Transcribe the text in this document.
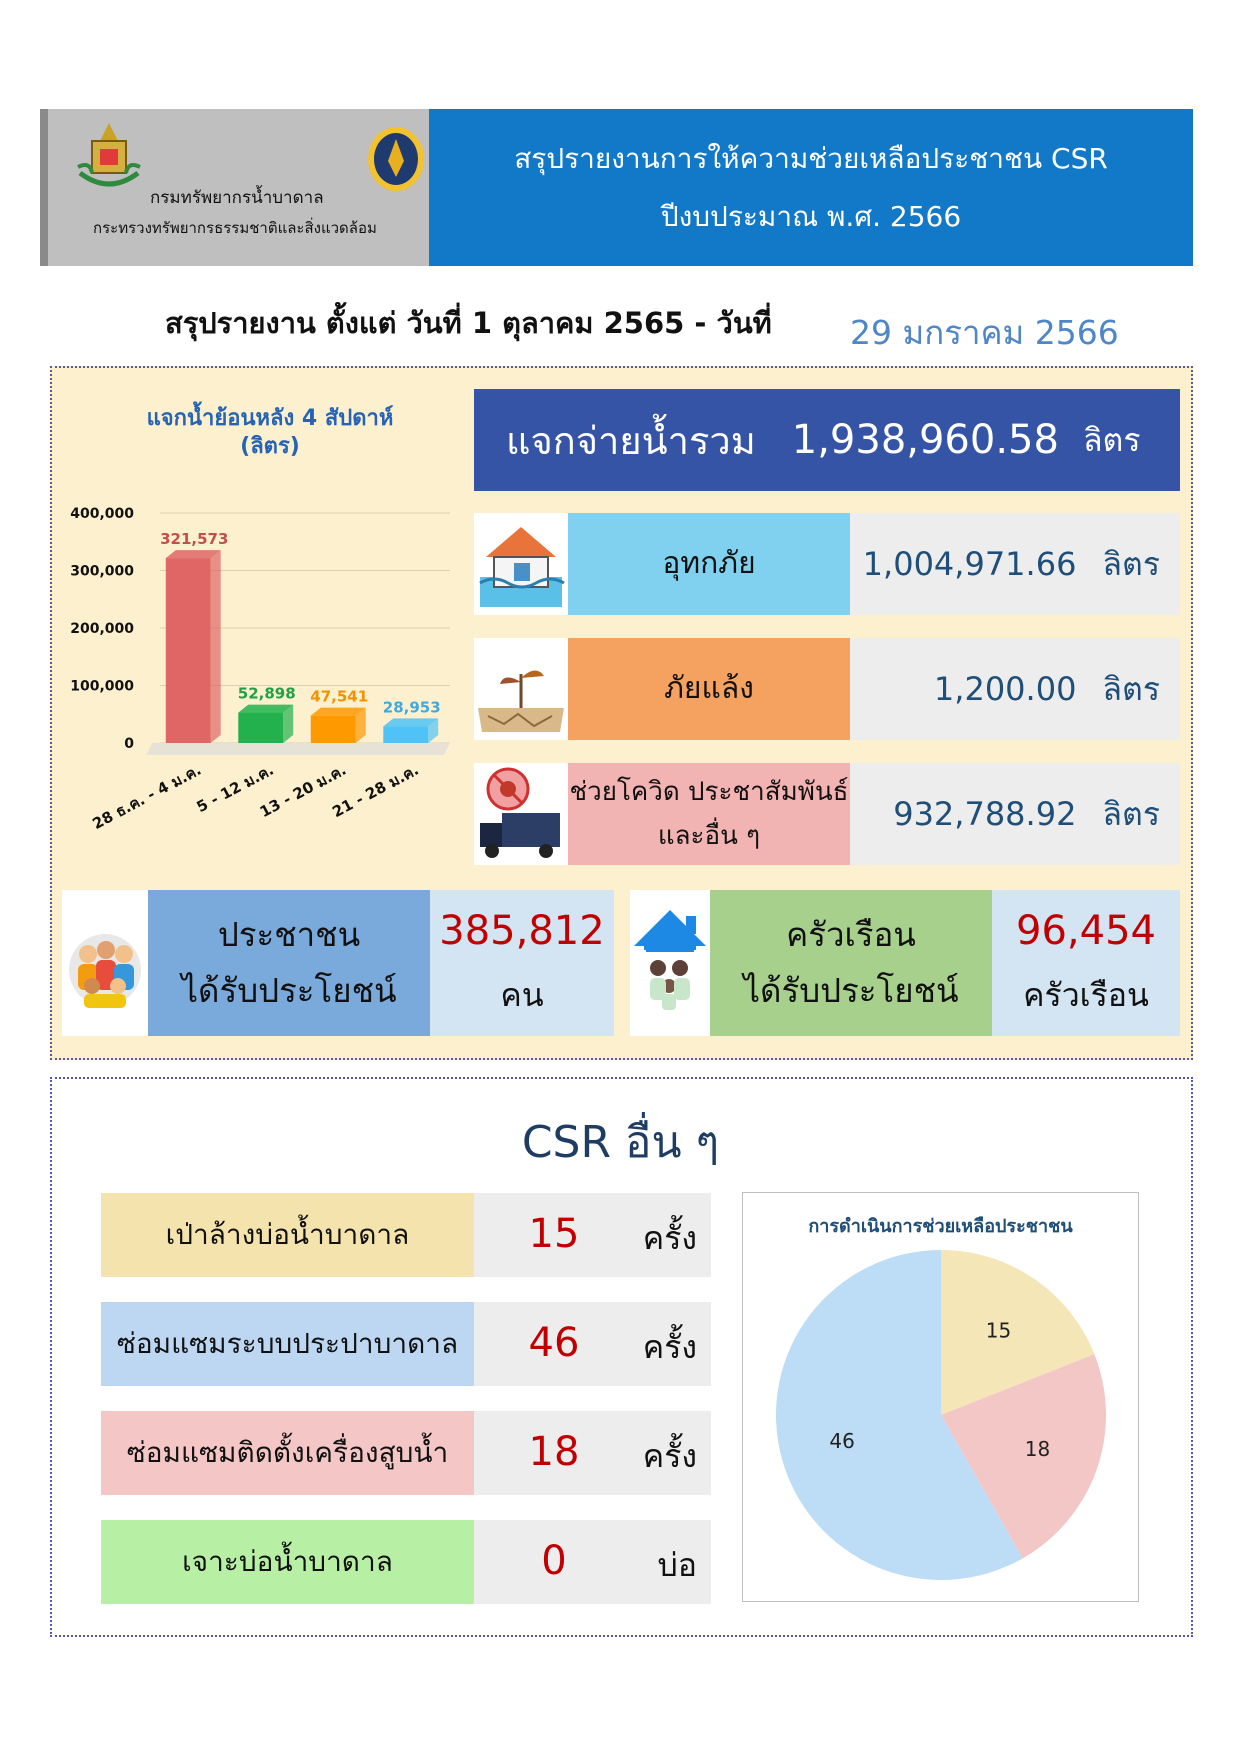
กรมทรัพยากรน้ำบาดาล
กระทรวงทรัพยากรธรรมชาติและสิ่งแวดล้อม
สรุปรายงานการให้ความช่วยเหลือประชาชน CSR
ปีงบประมาณ พ.ศ. 2566
สรุปรายงาน ตั้งแต่ วันที่ 1 ตุลาคม 2565 - วันที่ 29 มกราคม 2566
แจกน้ำย้อนหลัง 4 สัปดาห์
(ลิตร)
0
100,000
200,000
300,000
400,000
321,573
28 ธ.ค. - 4 ม.ค.
52,898
5 - 12 ม.ค.
47,541
13 - 20 ม.ค.
28,953
21 - 28 ม.ค.
แจกจ่ายน้ำรวม 1,938,960.58 ลิตร
อุทกภัย	1,004,971.66 ลิตร
ภัยแล้ง	1,200.00 ลิตร
ช่วยโควิด ประชาสัมพันธ์
และอื่น ๆ
932,788.92 ลิตร
ประชาชน
ได้รับประโยชน์
385,812
คน
ครัวเรือน
ได้รับประโยชน์
96,454
ครัวเรือน
CSR อื่น ๆ
เป่าล้างบ่อน้ำบาดาล	15	ครั้ง
ซ่อมแซมระบบประปาบาดาล	46	ครั้ง
ซ่อมแซมติดตั้งเครื่องสูบน้ำ	18	ครั้ง
เจาะบ่อน้ำบาดาล	0	บ่อ
การดำเนินการช่วยเหลือประชาชน
15
18
46
